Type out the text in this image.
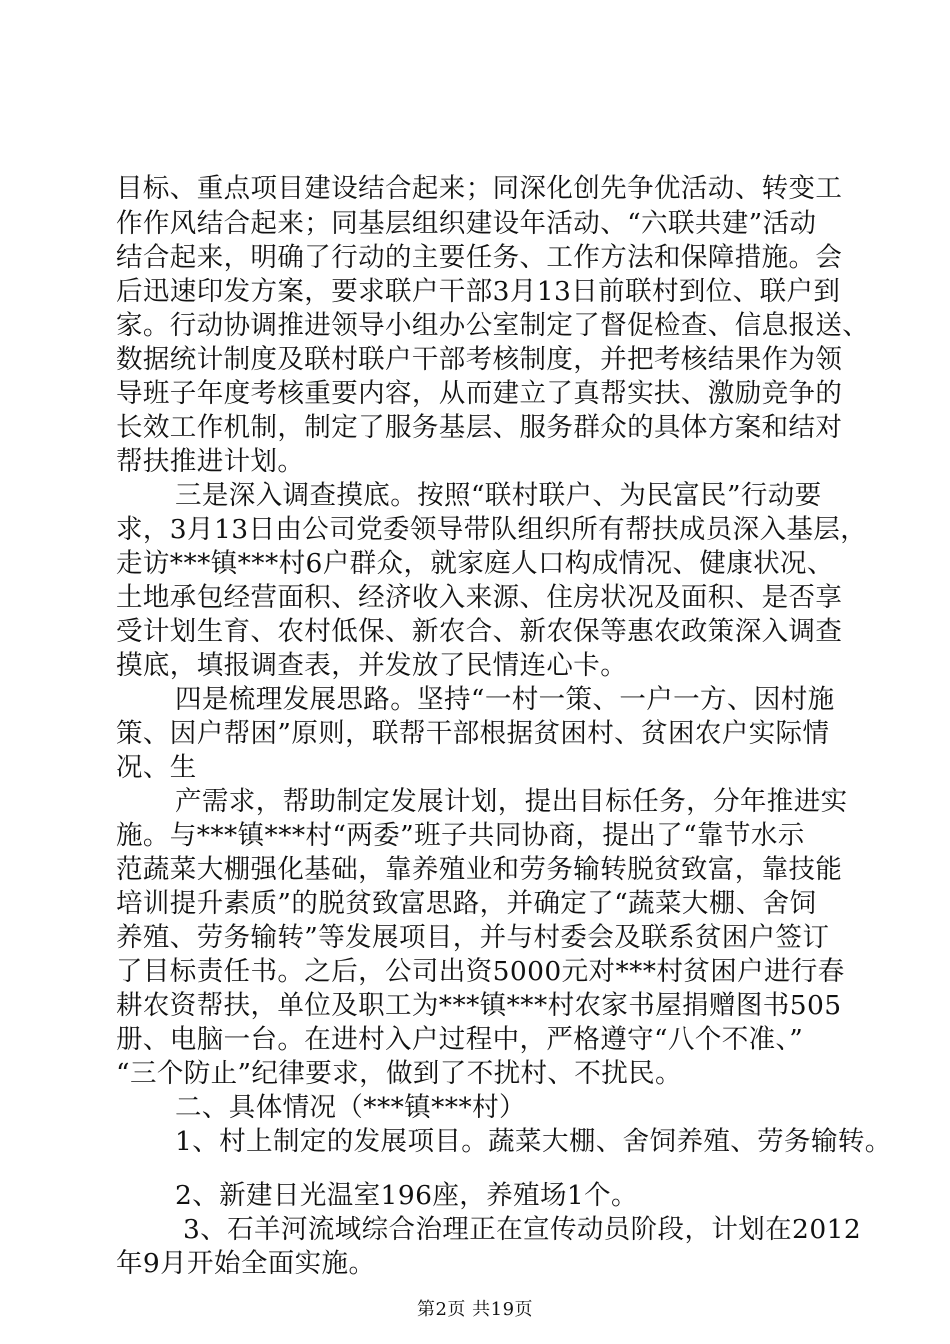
目标、重点项目建设结合起来；同深化创先争优活动、转变工
作作风结合起来；同基层组织建设年活动、“六联共建”活动
结合起来，明确了行动的主要任务、工作方法和保障措施。会
后迅速印发方案，要求联户干部3月13日前联村到位、联户到
家。行动协调推进领导小组办公室制定了督促检查、信息报送、
数据统计制度及联村联户干部考核制度，并把考核结果作为领
导班子年度考核重要内容，从而建立了真帮实扶、激励竞争的
长效工作机制，制定了服务基层、服务群众的具体方案和结对
帮扶推进计划。
三是深入调查摸底。按照“联村联户、为民富民”行动要
求，3月13日由公司党委领导带队组织所有帮扶成员深入基层，
走访***镇***村6户群众，就家庭人口构成情况、健康状况、
土地承包经营面积、经济收入来源、住房状况及面积、是否享
受计划生育、农村低保、新农合、新农保等惠农政策深入调查
摸底，填报调查表，并发放了民情连心卡。
四是梳理发展思路。坚持“一村一策、一户一方、因村施
策、因户帮困”原则，联帮干部根据贫困村、贫困农户实际情
况、生
产需求，帮助制定发展计划，提出目标任务，分年推进实
施。与***镇***村“两委”班子共同协商，提出了“靠节水示
范蔬菜大棚强化基础，靠养殖业和劳务输转脱贫致富，靠技能
培训提升素质”的脱贫致富思路，并确定了“蔬菜大棚、舍饲
养殖、劳务输转”等发展项目，并与村委会及联系贫困户签订
了目标责任书。之后，公司出资5000元对***村贫困户进行春
耕农资帮扶，单位及职工为***镇***村农家书屋捐赠图书505
册、电脑一台。在进村入户过程中，严格遵守“八个不准、”
“三个防止”纪律要求，做到了不扰村、不扰民。
二、具体情况（***镇***村）
1、村上制定的发展项目。蔬菜大棚、舍饲养殖、劳务输转。
2、新建日光温室196座，养殖场1个。
3、石羊河流域综合治理正在宣传动员阶段，计划在2012
年9月开始全面实施。
第2页 共19页
